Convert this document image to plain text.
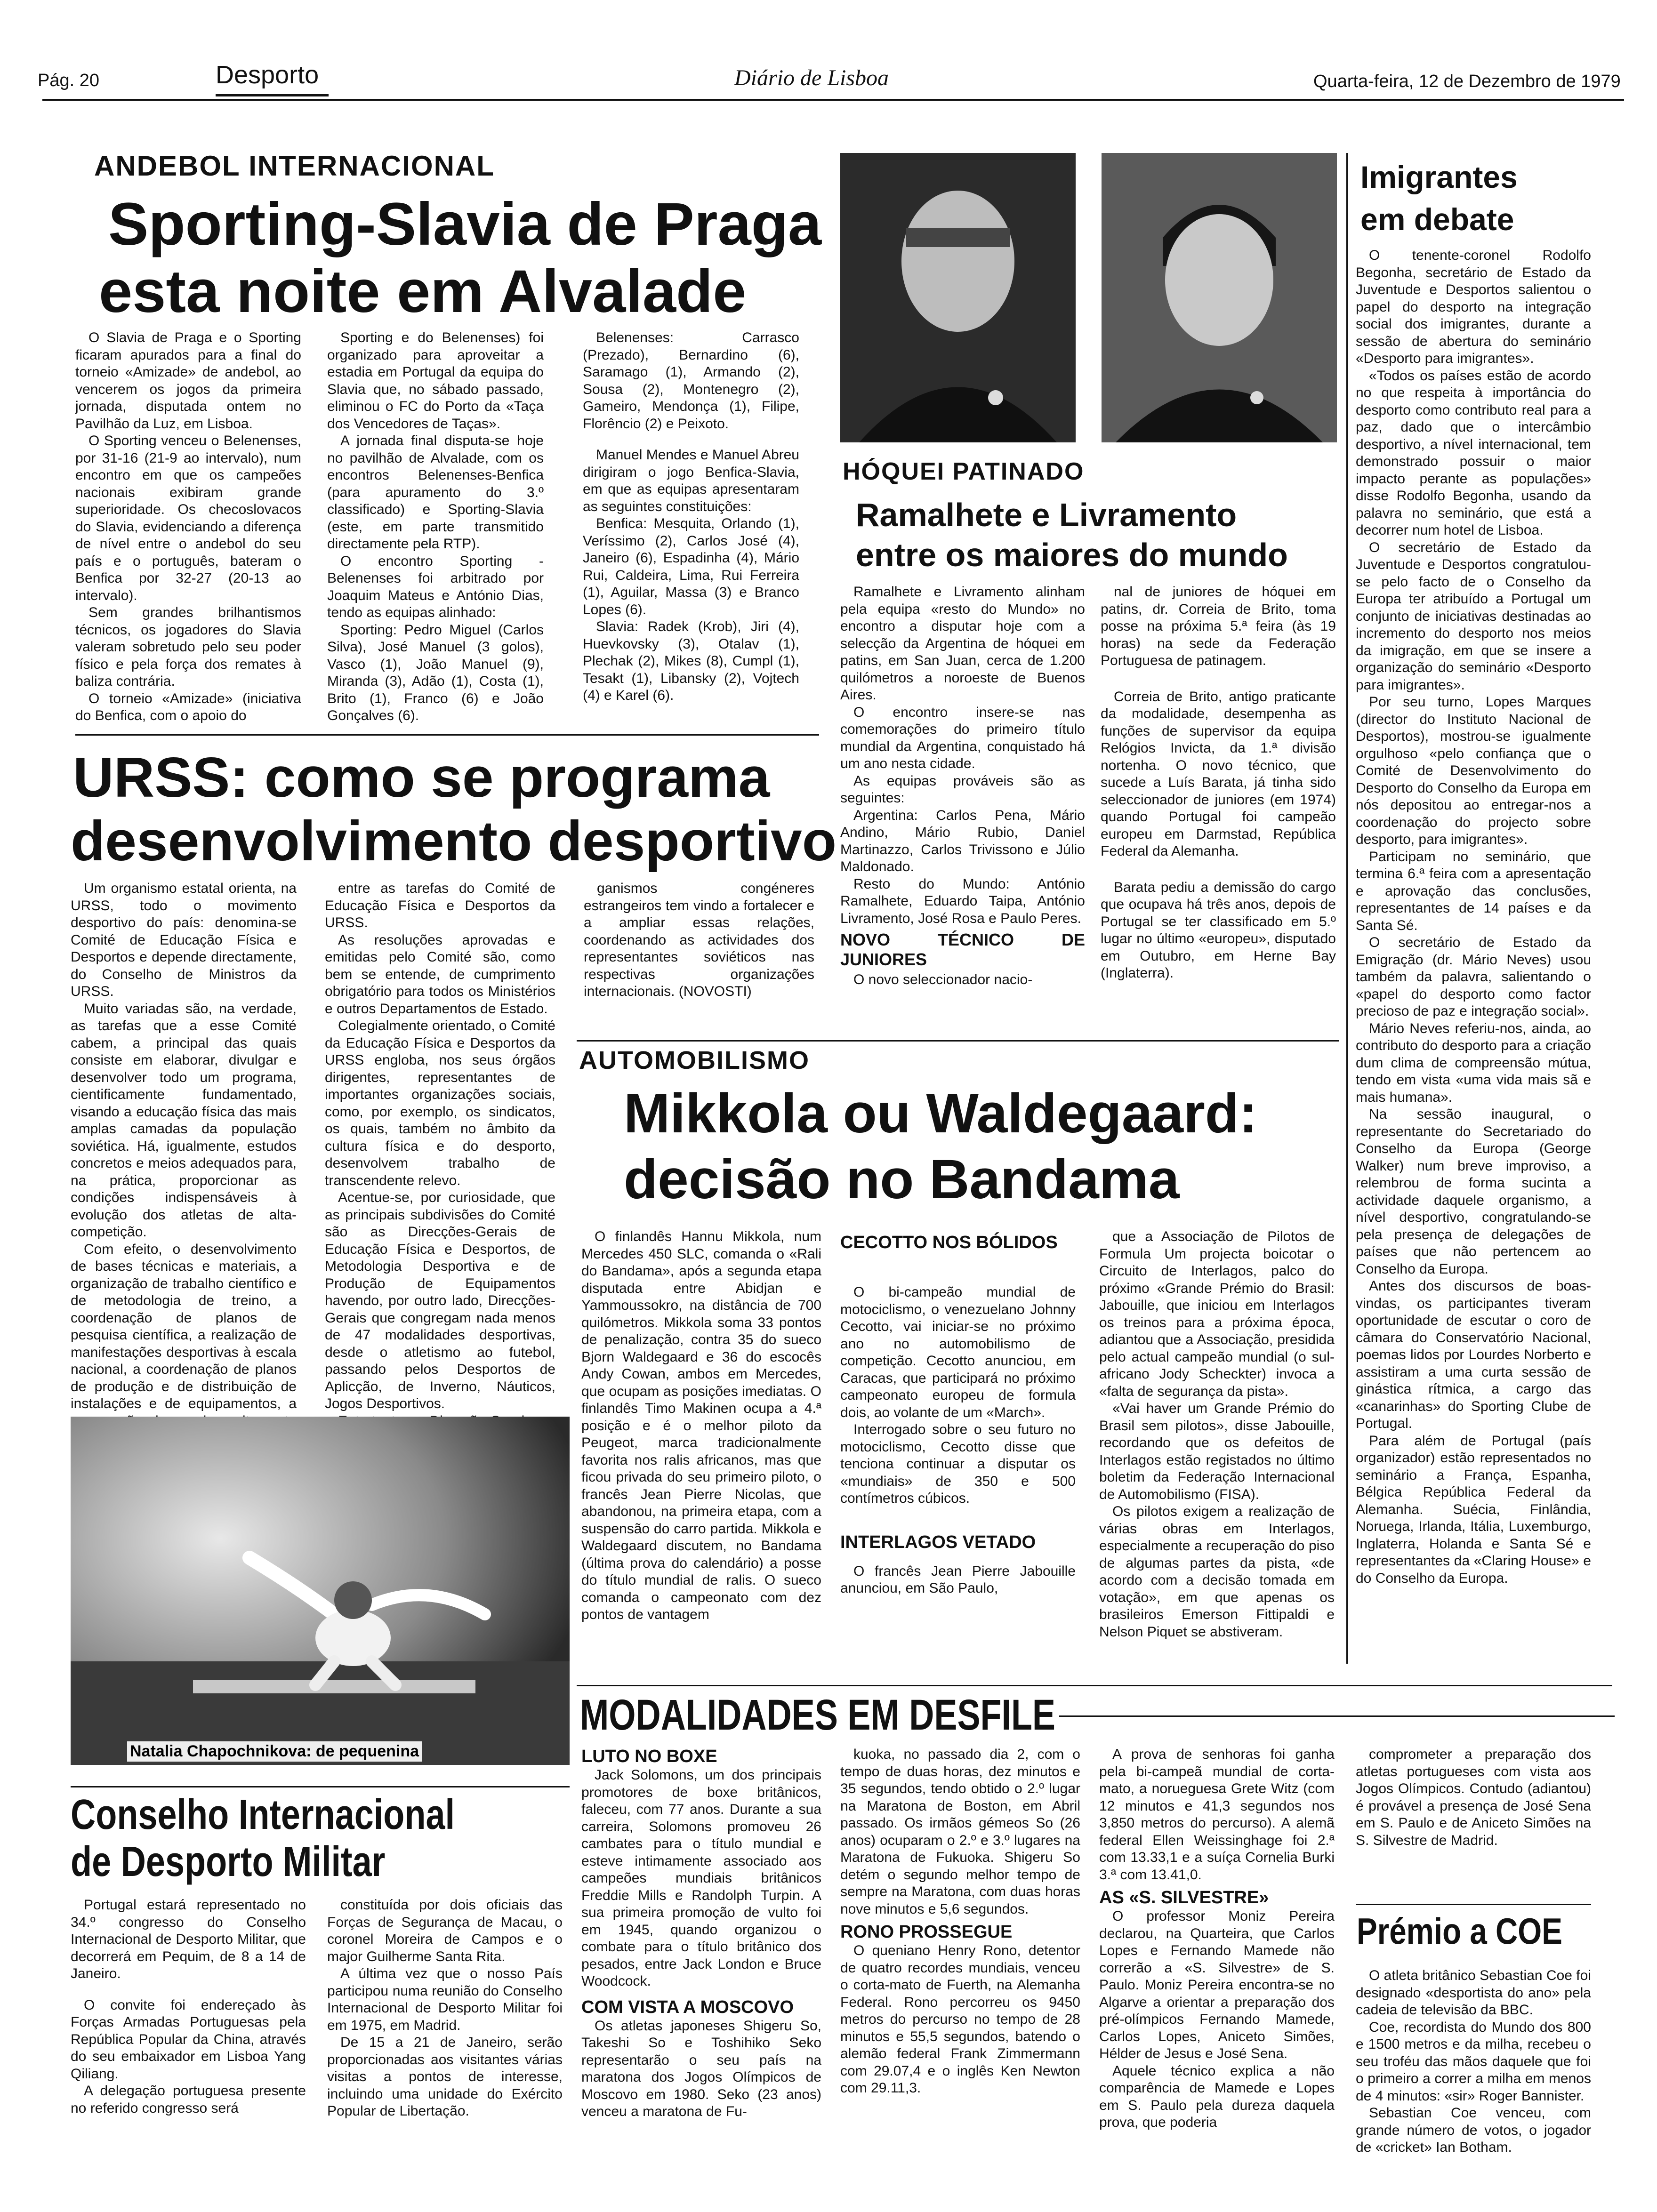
Pág. 20	Desporto	Diário de Lisboa	Quarta-feira, 12 de Dezembro de 1979
ANDEBOL INTERNACIONAL
Sporting-Slavia de Praga
esta noite em Alvalade

O Slavia de Praga e o Sporting ficaram apurados para a final do torneio «Amizade» de andebol, ao vencerem os jogos da primeira jornada, disputada ontem no Pavilhão da Luz, em Lisboa.

O Sporting venceu o Belenenses, por 31-16 (21-9 ao intervalo), num encontro em que os campeões nacionais exibiram grande superioridade. Os checoslovacos do Slavia, evidenciando a diferença de nível entre o andebol do seu país e o português, bateram o Benfica por 32-27 (20-13 ao intervalo).

Sem grandes brilhantismos técnicos, os jogadores do Slavia valeram sobretudo pelo seu poder físico e pela força dos remates à baliza contrária.

O torneio «Amizade» (iniciativa do Benfica, com o apoio do

Sporting e do Belenenses) foi organizado para aproveitar a estadia em Portugal da equipa do Slavia que, no sábado passado, eliminou o FC do Porto da «Taça dos Vencedores de Taças».

A jornada final disputa-se hoje no pavilhão de Alvalade, com os encontros Belenenses-Benfica (para apuramento do 3.º classificado) e Sporting-Slavia (este, em parte transmitido directamente pela RTP).

O encontro Sporting - Belenenses foi arbitrado por Joaquim Mateus e António Dias, tendo as equipas alinhado:

Sporting: Pedro Miguel (Carlos Silva), José Manuel (3 golos), Vasco (1), João Manuel (9), Miranda (3), Adão (1), Costa (1), Brito (1), Franco (6) e João Gonçalves (6).

Belenenses: Carrasco (Prezado), Bernardino (6), Saramago (1), Armando (2), Sousa (2), Montenegro (2), Gameiro, Mendonça (1), Filipe, Florêncio (2) e Peixoto.

Manuel Mendes e Manuel Abreu dirigiram o jogo Benfica-Slavia, em que as equipas apresentaram as seguintes constituições:

Benfica: Mesquita, Orlando (1), Veríssimo (2), Carlos José (4), Janeiro (6), Espadinha (4), Mário Rui, Caldeira, Lima, Rui Ferreira (1), Aguilar, Massa (3) e Branco Lopes (6).

Slavia: Radek (Krob), Jiri (4), Huevkovsky (3), Otalav (1), Plechak (2), Mikes (8), Cumpl (1), Tesakt (1), Libansky (2), Vojtech (4) e Karel (6).

HÓQUEI PATINADO
Ramalhete e Livramento
entre os maiores do mundo

Ramalhete e Livramento alinham pela equipa «resto do Mundo» no encontro a disputar hoje com a selecção da Argentina de hóquei em patins, em San Juan, cerca de 1.200 quilómetros a noroeste de Buenos Aires.

O encontro insere-se nas comemorações do primeiro título mundial da Argentina, conquistado há um ano nesta cidade.

As equipas prováveis são as seguintes:

Argentina: Carlos Pena, Mário Andino, Mário Rubio, Daniel Martinazzo, Carlos Trivissono e Júlio Maldonado.

Resto do Mundo: António Ramalhete, Eduardo Taipa, António Livramento, José Rosa e Paulo Peres.

NOVO TÉCNICO DE JUNIORES

O novo seleccionador nacio-

nal de juniores de hóquei em patins, dr. Correia de Brito, toma posse na próxima 5.ª feira (às 19 horas) na sede da Federação Portuguesa de patinagem.

Correia de Brito, antigo praticante da modalidade, desempenha as funções de supervisor da equipa Relógios Invicta, da 1.ª divisão nortenha. O novo técnico, que sucede a Luís Barata, já tinha sido seleccionador de juniores (em 1974) quando Portugal foi campeão europeu em Darmstad, República Federal da Alemanha.

Barata pediu a demissão do cargo que ocupava há três anos, depois de Portugal se ter classificado em 5.º lugar no último «europeu», disputado em Outubro, em Herne Bay (Inglaterra).

Imigrantes
em debate

O tenente-coronel Rodolfo Begonha, secretário de Estado da Juventude e Desportos salientou o papel do desporto na integração social dos imigrantes, durante a sessão de abertura do seminário «Desporto para imigrantes».

«Todos os países estão de acordo no que respeita à importância do desporto como contributo real para a paz, dado que o intercâmbio desportivo, a nível internacional, tem demonstrado possuir o maior impacto perante as populações» disse Rodolfo Begonha, usando da palavra no seminário, que está a decorrer num hotel de Lisboa.

O secretário de Estado da Juventude e Desportos congratulou-se pelo facto de o Conselho da Europa ter atribuído a Portugal um conjunto de iniciativas destinadas ao incremento do desporto nos meios da imigração, em que se insere a organização do seminário «Desporto para imigrantes».

Por seu turno, Lopes Marques (director do Instituto Nacional de Desportos), mostrou-se igualmente orgulhoso «pelo confiança que o Comité de Desenvolvimento do Desporto do Conselho da Europa em nós depositou ao entregar-nos a coordenação do projecto sobre desporto, para imigrantes».

Participam no seminário, que termina 6.ª feira com a apresentação e aprovação das conclusões, representantes de 14 países e da Santa Sé.

O secretário de Estado da Emigração (dr. Mário Neves) usou também da palavra, salientando o «papel do desporto como factor precioso de paz e integração social».

Mário Neves referiu-nos, ainda, ao contributo do desporto para a criação dum clima de compreensão mútua, tendo em vista «uma vida mais sã e mais humana».

Na sessão inaugural, o representante do Secretariado do Conselho da Europa (George Walker) num breve improviso, a relembrou de forma sucinta a actividade daquele organismo, a nível desportivo, congratulando-se pela presença de delegações de países que não pertencem ao Conselho da Europa.

Antes dos discursos de boas-vindas, os participantes tiveram oportunidade de escutar o coro de câmara do Conservatório Nacional, poemas lidos por Lourdes Norberto e assistiram a uma curta sessão de ginástica rítmica, a cargo das «canarinhas» do Sporting Clube de Portugal.

Para além de Portugal (país organizador) estão representados no seminário a França, Espanha, Bélgica República Federal da Alemanha. Suécia, Finlândia, Noruega, Irlanda, Itália, Luxemburgo, Inglaterra, Holanda e Santa Sé e representantes da «Claring House» e do Conselho da Europa.

URSS: como se programa
desenvolvimento desportivo

Um organismo estatal orienta, na URSS, todo o movimento desportivo do país: denomina-se Comité de Educação Física e Desportos e depende directamente, do Conselho de Ministros da URSS.

Muito variadas são, na verdade, as tarefas que a esse Comité cabem, a principal das quais consiste em elaborar, divulgar e desenvolver todo um programa, cientificamente fundamentado, visando a educação física das mais amplas camadas da população soviética. Há, igualmente, estudos concretos e meios adequados para, na prática, proporcionar as condições indispensáveis à evolução dos atletas de alta-competição.

Com efeito, o desenvolvimento de bases técnicas e materiais, a organização de trabalho científico e de metodologia de treino, a coordenação de planos de pesquisa científica, a realização de manifestações desportivas à escala nacional, a coordenação de planos de produção e de distribuição de instalações e de equipamentos, a

entre as tarefas do Comité de Educação Física e Desportos da URSS.

As resoluções aprovadas e emitidas pelo Comité são, como bem se entende, de cumprimento obrigatório para todos os Ministérios e outros Departamentos de Estado.

Colegialmente orientado, o Comité da Educação Física e Desportos da URSS engloba, nos seus órgãos dirigentes, representantes de importantes organizações sociais, como, por exemplo, os sindicatos, os quais, também no âmbito da cultura física e do desporto, desenvolvem trabalho de transcendente relevo.

Acentue-se, por curiosidade, que as principais subdivisões do Comité são as Direcções-Gerais de Educação Física e Desportos, de Metodologia Desportiva e de Produção de Equipamentos havendo, por outro lado, Direcções-Gerais que congregam nada menos de 47 modalidades desportivas, desde o atletismo ao futebol, passando pelos Desportos de Aplicção, de Inverno, Náuticos, Jogos Desportivos.

ganismos congéneres estrangeiros tem vindo a fortalecer e a ampliar essas relações, coordenando as actividades dos representantes soviéticos nas respectivas organizações internacionais. (NOVOSTI)

Natalia Chapochnikova: de pequenina
AUTOMOBILISMO
Mikkola ou Waldegaard:
decisão no Bandama

O finlandês Hannu Mikkola, num Mercedes 450 SLC, comanda o «Rali do Bandama», após a segunda etapa disputada entre Abidjan e Yammoussokro, na distância de 700 quilómetros. Mikkola soma 33 pontos de penalização, contra 35 do sueco Bjorn Waldegaard e 36 do escocês Andy Cowan, ambos em Mercedes, que ocupam as posições imediatas. O finlandês Timo Makinen ocupa a 4.ª posição e é o melhor piloto da Peugeot, marca tradicionalmente favorita nos ralis africanos, mas que ficou privada do seu primeiro piloto, o francês Jean Pierre Nicolas, que abandonou, na primeira etapa, com a suspensão do carro partida. Mikkola e Waldegaard discutem, no Bandama (última prova do calendário) a posse do título mundial de ralis. O sueco comanda o campeonato com dez pontos de vantagem

CECOTTO NOS BÓLIDOS

O bi-campeão mundial de motociclismo, o venezuelano Johnny Cecotto, vai iniciar-se no próximo ano no automobilismo de competição. Cecotto anunciou, em Caracas, que participará no próximo campeonato europeu de formula dois, ao volante de um «March».

Interrogado sobre o seu futuro no motociclismo, Cecotto disse que tenciona continuar a disputar os «mundiais» de 350 e 500 contímetros cúbicos.

INTERLAGOS VETADO

O francês Jean Pierre Jabouille anunciou, em São Paulo,

que a Associação de Pilotos de Formula Um projecta boicotar o Circuito de Interlagos, palco do próximo «Grande Prémio do Brasil: Jabouille, que iniciou em Interlagos os treinos para a próxima época, adiantou que a Associação, presidida pelo actual campeão mundial (o sul-africano Jody Scheckter) invoca a «falta de segurança da pista».

«Vai haver um Grande Prémio do Brasil sem pilotos», disse Jabouille, recordando que os defeitos de Interlagos estão registados no último boletim da Federação Internacional de Automobilismo (FISA).

Os pilotos exigem a realização de várias obras em Interlagos, especialmente a recuperação do piso de algumas partes da pista, «de acordo com a decisão tomada em votação», em que apenas os brasileiros Emerson Fittipaldi e Nelson Piquet se abstiveram.

Conselho Internacional
de Desporto Militar

Portugal estará representado no 34.º congresso do Conselho Internacional de Desporto Militar, que decorrerá em Pequim, de 8 a 14 de Janeiro.

O convite foi endereçado às Forças Armadas Portuguesas pela República Popular da China, através do seu embaixador em Lisboa Yang Qiliang.

A delegação portuguesa presente no referido congresso será

constituída por dois oficiais das Forças de Segurança de Macau, o coronel Moreira de Campos e o major Guilherme Santa Rita.

A última vez que o nosso País participou numa reunião do Conselho Internacional de Desporto Militar foi em 1975, em Madrid.

De 15 a 21 de Janeiro, serão proporcionadas aos visitantes várias visitas a pontos de interesse, incluindo uma unidade do Exército Popular de Libertação.

MODALIDADES EM DESFILE
LUTO NO BOXE

Jack Solomons, um dos principais promotores de boxe britânicos, faleceu, com 77 anos. Durante a sua carreira, Solomons promoveu 26 cambates para o título mundial e esteve intimamente associado aos campeões mundiais britânicos Freddie Mills e Randolph Turpin. A sua primeira promoção de vulto foi em 1945, quando organizou o combate para o título britânico dos pesados, entre Jack London e Bruce Woodcock.

COM VISTA A MOSCOVO

Os atletas japoneses Shigeru So, Takeshi So e Toshihiko Seko representarão o seu país na maratona dos Jogos Olímpicos de Moscovo em 1980. Seko (23 anos) venceu a maratona de Fu-

kuoka, no passado dia 2, com o tempo de duas horas, dez minutos e 35 segundos, tendo obtido o 2.º lugar na Maratona de Boston, em Abril passado. Os irmãos gémeos So (26 anos) ocuparam o 2.º e 3.º lugares na Maratona de Fukuoka. Shigeru So detém o segundo melhor tempo de sempre na Maratona, com duas horas nove minutos e 5,6 segundos.

RONO PROSSEGUE

O queniano Henry Rono, detentor de quatro recordes mundiais, venceu o corta-mato de Fuerth, na Alemanha Federal. Rono percorreu os 9450 metros do percurso no tempo de 28 minutos e 55,5 segundos, batendo o alemão federal Frank Zimmermann com 29.07,4 e o inglês Ken Newton com 29.11,3.

A prova de senhoras foi ganha pela bi-campeã mundial de corta-mato, a norueguesa Grete Witz (com 12 minutos e 41,3 segundos nos 3,850 metros do percurso). A alemã federal Ellen Weissinghage foi 2.ª com 13.33,1 e a suíça Cornelia Burki 3.ª com 13.41,0.

AS «S. SILVESTRE»

O professor Moniz Pereira declarou, na Quarteira, que Carlos Lopes e Fernando Mamede não correrão a «S. Silvestre» de S. Paulo. Moniz Pereira encontra-se no Algarve a orientar a preparação dos pré-olímpicos Fernando Mamede, Carlos Lopes, Aniceto Simões, Hélder de Jesus e José Sena.

Aquele técnico explica a não comparência de Mamede e Lopes em S. Paulo pela dureza daquela prova, que poderia

comprometer a preparação dos atletas portugueses com vista aos Jogos Olímpicos. Contudo (adiantou) é provável a presença de José Sena em S. Paulo e de Aniceto Simões na S. Silvestre de Madrid.

Prémio a COE

O atleta britânico Sebastian Coe foi designado «desportista do ano» pela cadeia de televisão da BBC.

Coe, recordista do Mundo dos 800 e 1500 metros e da milha, recebeu o seu troféu das mãos daquele que foi o primeiro a correr a milha em menos de 4 minutos: «sir» Roger Bannister.

Sebastian Coe venceu, com grande número de votos, o jogador de «cricket» Ian Botham.
